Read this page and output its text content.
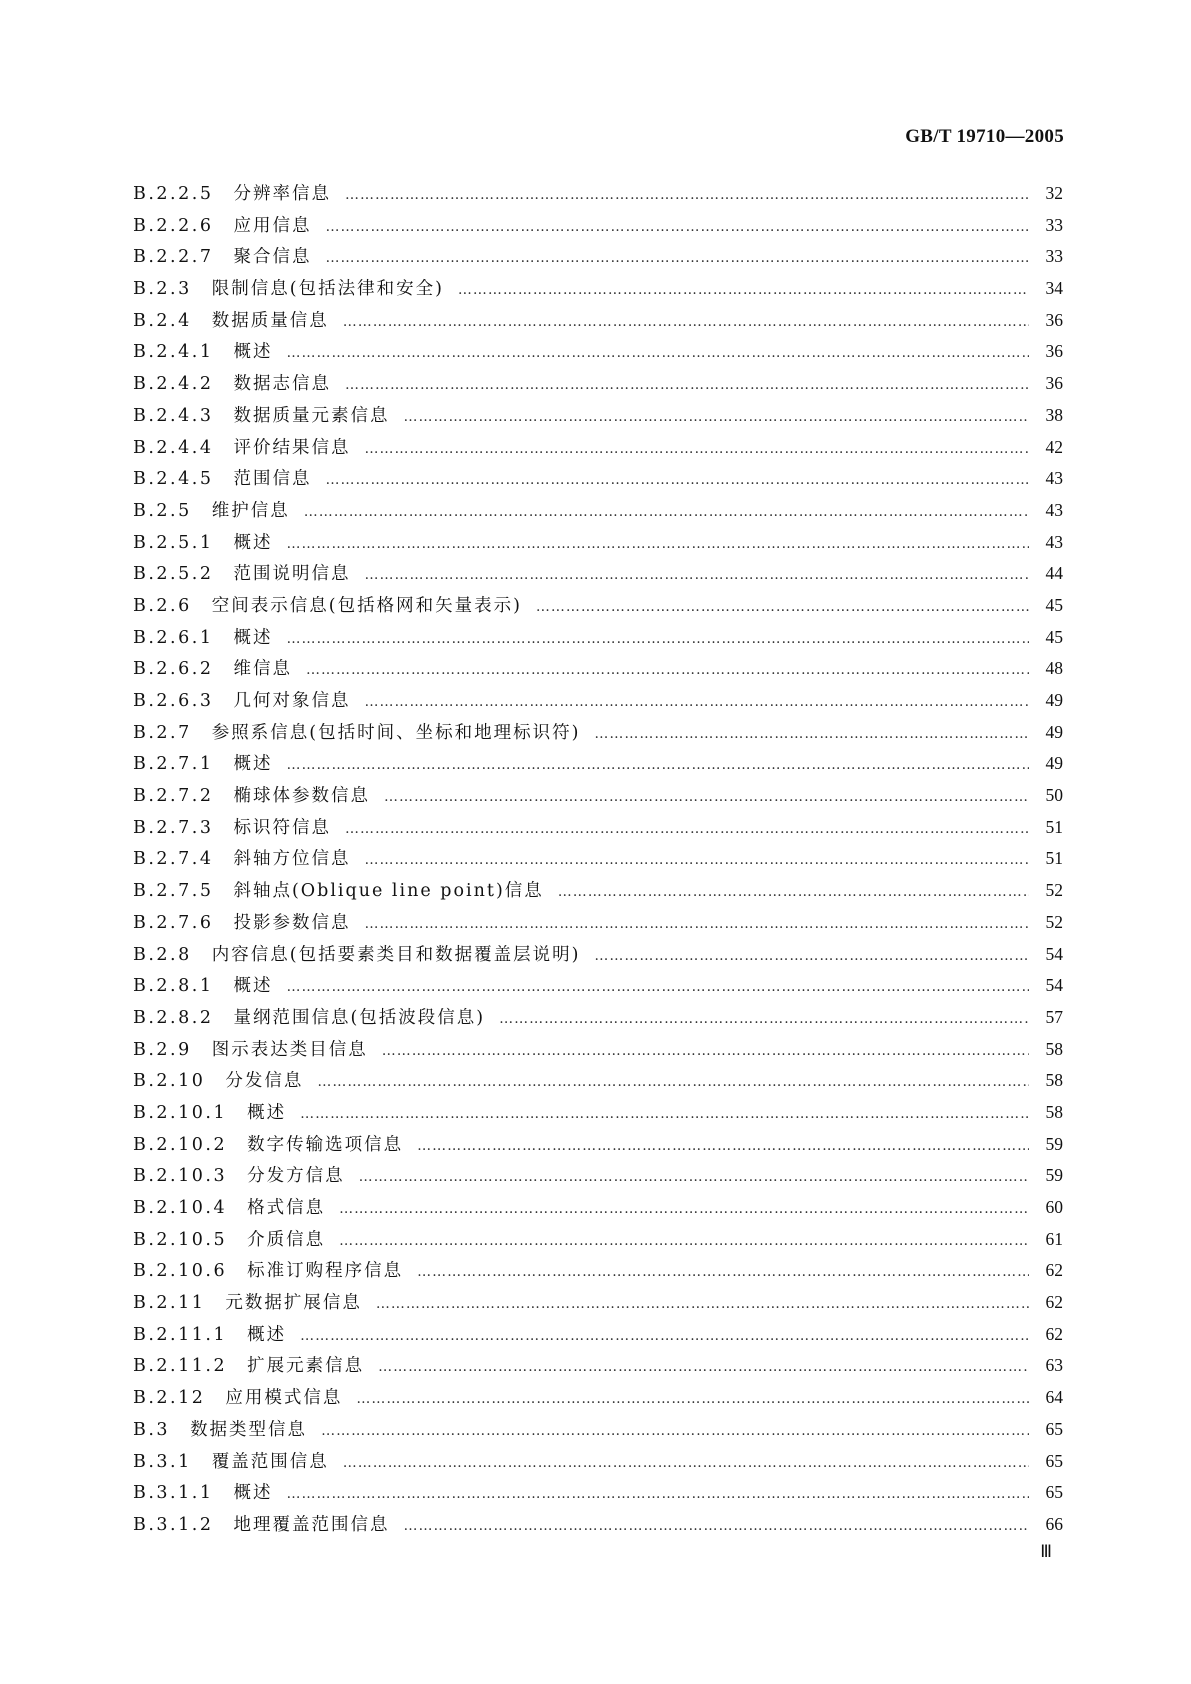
GB/T 19710—2005
B.2.2.5	分辨率信息 …………………………………………………………………………………………………………………………………………………………………………………………………………………………………………………………	32
B.2.2.6	应用信息 …………………………………………………………………………………………………………………………………………………………………………………………………………………………………………………………	33
B.2.2.7	聚合信息 …………………………………………………………………………………………………………………………………………………………………………………………………………………………………………………………	33
B.2.3	限制信息(包括法律和安全) …………………………………………………………………………………………………………………………………………………………………………………………………………………………………………………………	34
B.2.4	数据质量信息 …………………………………………………………………………………………………………………………………………………………………………………………………………………………………………………………	36
B.2.4.1	概述 …………………………………………………………………………………………………………………………………………………………………………………………………………………………………………………………	36
B.2.4.2	数据志信息 …………………………………………………………………………………………………………………………………………………………………………………………………………………………………………………………	36
B.2.4.3	数据质量元素信息 …………………………………………………………………………………………………………………………………………………………………………………………………………………………………………………………	38
B.2.4.4	评价结果信息 …………………………………………………………………………………………………………………………………………………………………………………………………………………………………………………………	42
B.2.4.5	范围信息 …………………………………………………………………………………………………………………………………………………………………………………………………………………………………………………………	43
B.2.5	维护信息 …………………………………………………………………………………………………………………………………………………………………………………………………………………………………………………………	43
B.2.5.1	概述 …………………………………………………………………………………………………………………………………………………………………………………………………………………………………………………………	43
B.2.5.2	范围说明信息 …………………………………………………………………………………………………………………………………………………………………………………………………………………………………………………………	44
B.2.6	空间表示信息(包括格网和矢量表示) …………………………………………………………………………………………………………………………………………………………………………………………………………………………………………………………	45
B.2.6.1	概述 …………………………………………………………………………………………………………………………………………………………………………………………………………………………………………………………	45
B.2.6.2	维信息 …………………………………………………………………………………………………………………………………………………………………………………………………………………………………………………………	48
B.2.6.3	几何对象信息 …………………………………………………………………………………………………………………………………………………………………………………………………………………………………………………………	49
B.2.7	参照系信息(包括时间、坐标和地理标识符) …………………………………………………………………………………………………………………………………………………………………………………………………………………………………………………………	49
B.2.7.1	概述 …………………………………………………………………………………………………………………………………………………………………………………………………………………………………………………………	49
B.2.7.2	椭球体参数信息 …………………………………………………………………………………………………………………………………………………………………………………………………………………………………………………………	50
B.2.7.3	标识符信息 …………………………………………………………………………………………………………………………………………………………………………………………………………………………………………………………	51
B.2.7.4	斜轴方位信息 …………………………………………………………………………………………………………………………………………………………………………………………………………………………………………………………	51
B.2.7.5	斜轴点(Oblique line point)信息 …………………………………………………………………………………………………………………………………………………………………………………………………………………………………………………………	52
B.2.7.6	投影参数信息 …………………………………………………………………………………………………………………………………………………………………………………………………………………………………………………………	52
B.2.8	内容信息(包括要素类目和数据覆盖层说明) …………………………………………………………………………………………………………………………………………………………………………………………………………………………………………………………	54
B.2.8.1	概述 …………………………………………………………………………………………………………………………………………………………………………………………………………………………………………………………	54
B.2.8.2	量纲范围信息(包括波段信息) …………………………………………………………………………………………………………………………………………………………………………………………………………………………………………………………	57
B.2.9	图示表达类目信息 …………………………………………………………………………………………………………………………………………………………………………………………………………………………………………………………	58
B.2.10	分发信息 …………………………………………………………………………………………………………………………………………………………………………………………………………………………………………………………	58
B.2.10.1	概述 …………………………………………………………………………………………………………………………………………………………………………………………………………………………………………………………	58
B.2.10.2	数字传输选项信息 …………………………………………………………………………………………………………………………………………………………………………………………………………………………………………………………	59
B.2.10.3	分发方信息 …………………………………………………………………………………………………………………………………………………………………………………………………………………………………………………………	59
B.2.10.4	格式信息 …………………………………………………………………………………………………………………………………………………………………………………………………………………………………………………………	60
B.2.10.5	介质信息 …………………………………………………………………………………………………………………………………………………………………………………………………………………………………………………………	61
B.2.10.6	标准订购程序信息 …………………………………………………………………………………………………………………………………………………………………………………………………………………………………………………………	62
B.2.11	元数据扩展信息 …………………………………………………………………………………………………………………………………………………………………………………………………………………………………………………………	62
B.2.11.1	概述 …………………………………………………………………………………………………………………………………………………………………………………………………………………………………………………………	62
B.2.11.2	扩展元素信息 …………………………………………………………………………………………………………………………………………………………………………………………………………………………………………………………	63
B.2.12	应用模式信息 …………………………………………………………………………………………………………………………………………………………………………………………………………………………………………………………	64
B.3	数据类型信息 …………………………………………………………………………………………………………………………………………………………………………………………………………………………………………………………	65
B.3.1	覆盖范围信息 …………………………………………………………………………………………………………………………………………………………………………………………………………………………………………………………	65
B.3.1.1	概述 …………………………………………………………………………………………………………………………………………………………………………………………………………………………………………………………	65
B.3.1.2	地理覆盖范围信息 …………………………………………………………………………………………………………………………………………………………………………………………………………………………………………………………	66
Ⅲ
